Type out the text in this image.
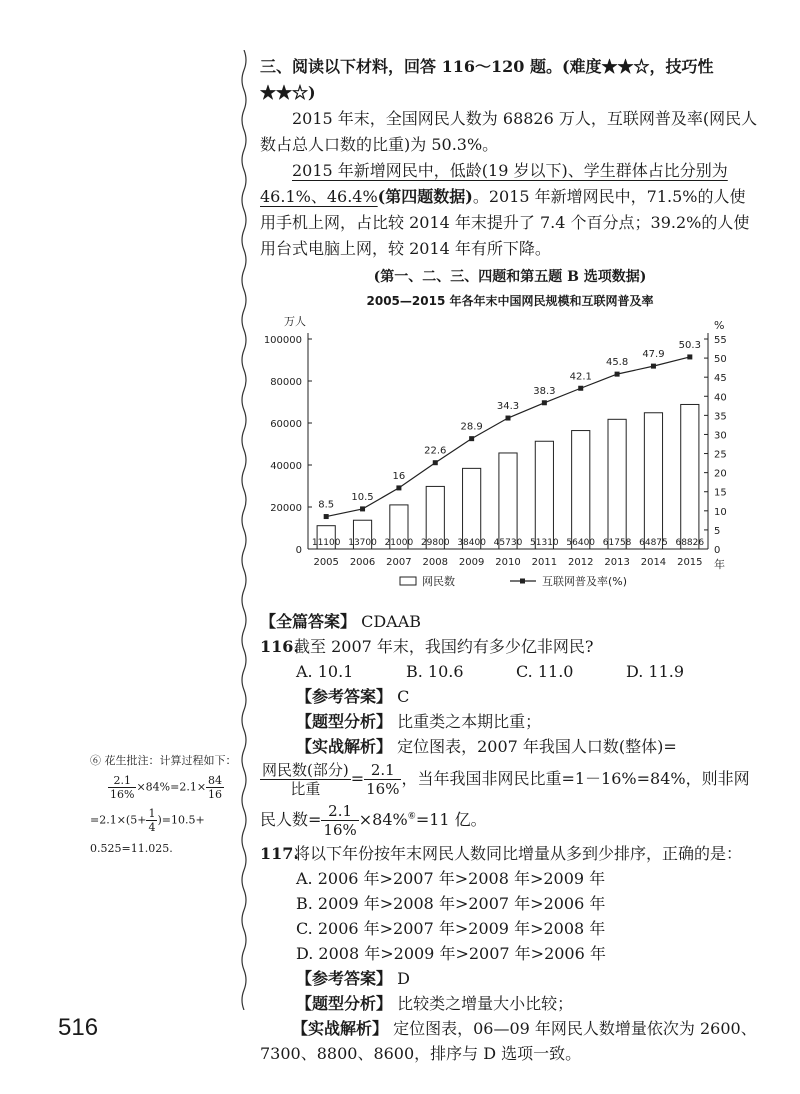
三、阅读以下材料，回答 116～120 题。(难度★★☆，技巧性★★☆)

2015 年末，全国网民人数为 68826 万人，互联网普及率(网民人数占总人口数的比重)为 50.3%。

2015 年新增网民中，低龄(19 岁以下)、学生群体占比分别为 46.1%、46.4%(第四题数据)。2015 年新增网民中，71.5%的人使用手机上网，占比较 2014 年末提升了 7.4 个百分点；39.2%的人使用台式电脑上网，较 2014 年有所下降。

(第一、二、三、四题和第五题 B 选项数据)
2005—2015 年各年末中国网民规模和互联网普及率
万人	%
年
0
20000
40000
60000
80000
100000
0
5
10
15
20
25
30
35
40
45
50
55
11100 13700 21000 29800 38400 45730 51310 56400 61758 64875 68826
2005 2006 2007 2008 2009 2010 2011 2012 2013 2014 2015
8.5
10.5
16
22.6
28.9
34.3
38.3
42.1
45.8
47.9
50.3
网民数	互联网普及率(%)

【全篇答案】 CDAAB

116.截至 2007 年末，我国约有多少亿非网民?

A. 10.1	B. 10.6	C. 11.0	D. 11.9

【参考答案】 C

【题型分析】 比重类之本期比重；

【实战解析】 定位图表，2007 年我国人口数(整体)=

$\frac{\text{网民数(部分)}}{\text{比重}} = \frac{2.1}{16\%}$ ，当年我国非网民比重=1－16%=84%，则非网

民人数= $\frac{2.1}{16\%} \times 84\%^⑥=11$ 亿。

117.将以下年份按年末网民人数同比增量从多到少排序，正确的是：

A. 2006 年>2007 年>2008 年>2009 年

B. 2009 年>2008 年>2007 年>2006 年

C. 2006 年>2007 年>2009 年>2008 年

D. 2008 年>2009 年>2007 年>2006 年

【参考答案】 D

【题型分析】 比较类之增量大小比较；

【实战解析】 定位图表，06—09 年网民人数增量依次为 2600、7300、8800、8600，排序与 D 选项一致。

⑥ 花生批注：计算过程如下：
$\frac{2.1}{16\%} \times 84\%=2.1\times \frac{84}{16}$
$=2.1\times(5+ \frac{1}{4} )=10.5+$
0.525=11.025.
516
